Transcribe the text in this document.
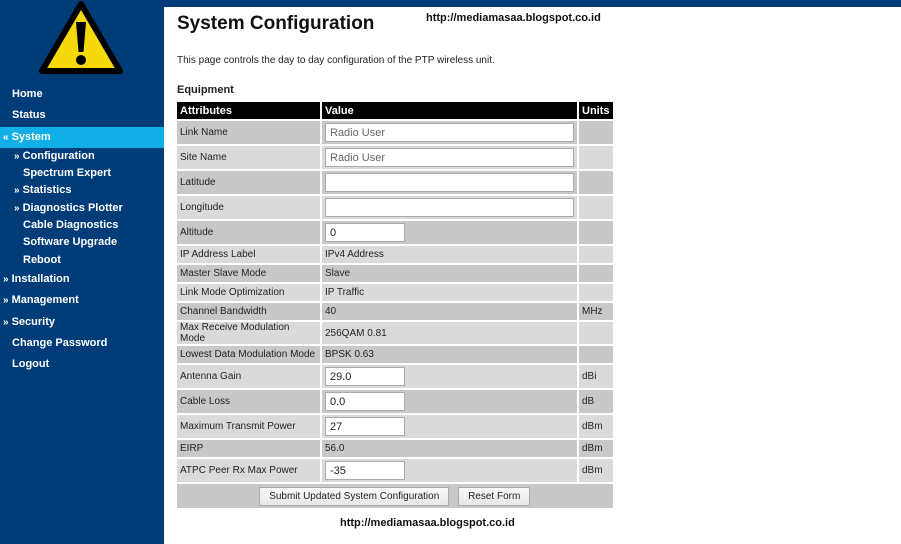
Home
Status
« System
» Configuration
Spectrum Expert
» Statistics
» Diagnostics Plotter
Cable Diagnostics
Software Upgrade
Reboot
» Installation
» Management
» Security
Change Password
Logout
System Configuration	http://mediamasaa.blogspot.co.id
This page controls the day to day configuration of the PTP wireless unit.
Equipment
Attributes	Value	Units
Link Name	Radio User	
Site Name	Radio User	
Latitude		
Longitude		
Altitude	0	
IP Address Label	IPv4 Address	
Master Slave Mode	Slave	
Link Mode Optimization	IP Traffic	
Channel Bandwidth	40	MHz
Max Receive Modulation Mode	256QAM 0.81	
Lowest Data Modulation Mode	BPSK 0.63	
Antenna Gain	29.0	dBi
Cable Loss	0.0	dB
Maximum Transmit Power	27	dBm
EIRP	56.0	dBm
ATPC Peer Rx Max Power	-35	dBm
Submit Updated System Configuration Reset Form		
http://mediamasaa.blogspot.co.id
